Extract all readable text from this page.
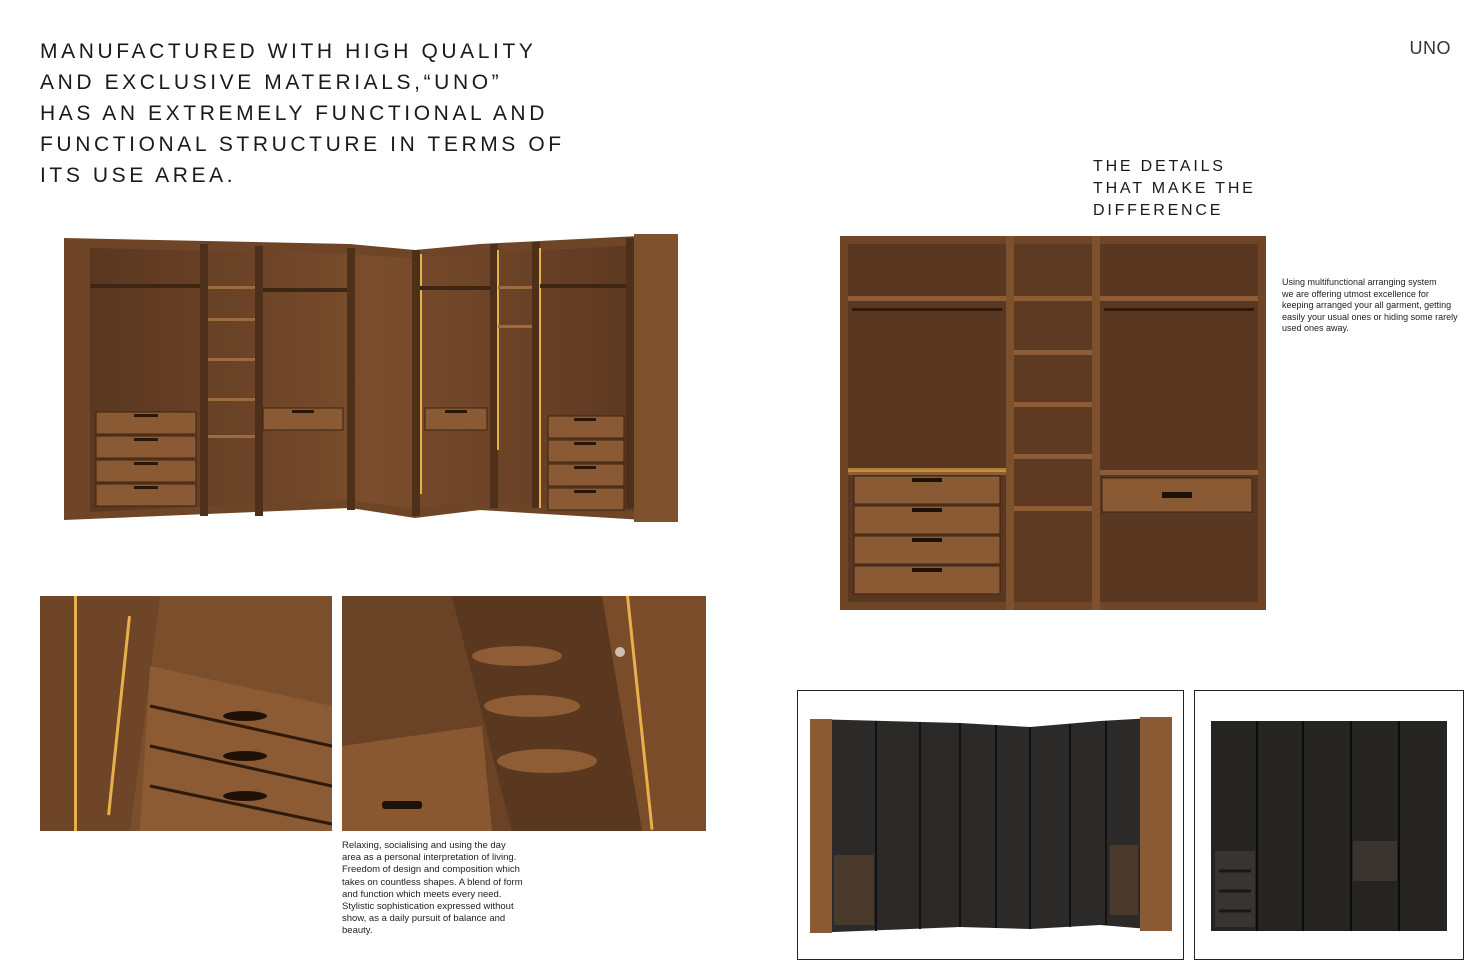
MANUFACTURED WITH HIGH QUALITY
AND EXCLUSIVE MATERIALS,“UNO”
HAS AN EXTREMELY FUNCTIONAL AND
FUNCTIONAL STRUCTURE IN TERMS OF
ITS USE AREA.
UNO
Relaxing, socialising and using the day
area as a personal interpretation of living.
Freedom of design and composition which
takes on countless shapes. A blend of form
and function which meets every need.
Stylistic sophistication expressed without
show, as a daily pursuit of balance and
beauty.
THE DETAILS
THAT MAKE THE
DIFFERENCE
Using multifunctional arranging system
we are offering utmost excellence for
keeping arranged your all garment, getting
easily your usual ones or hiding some rarely
used ones away.
